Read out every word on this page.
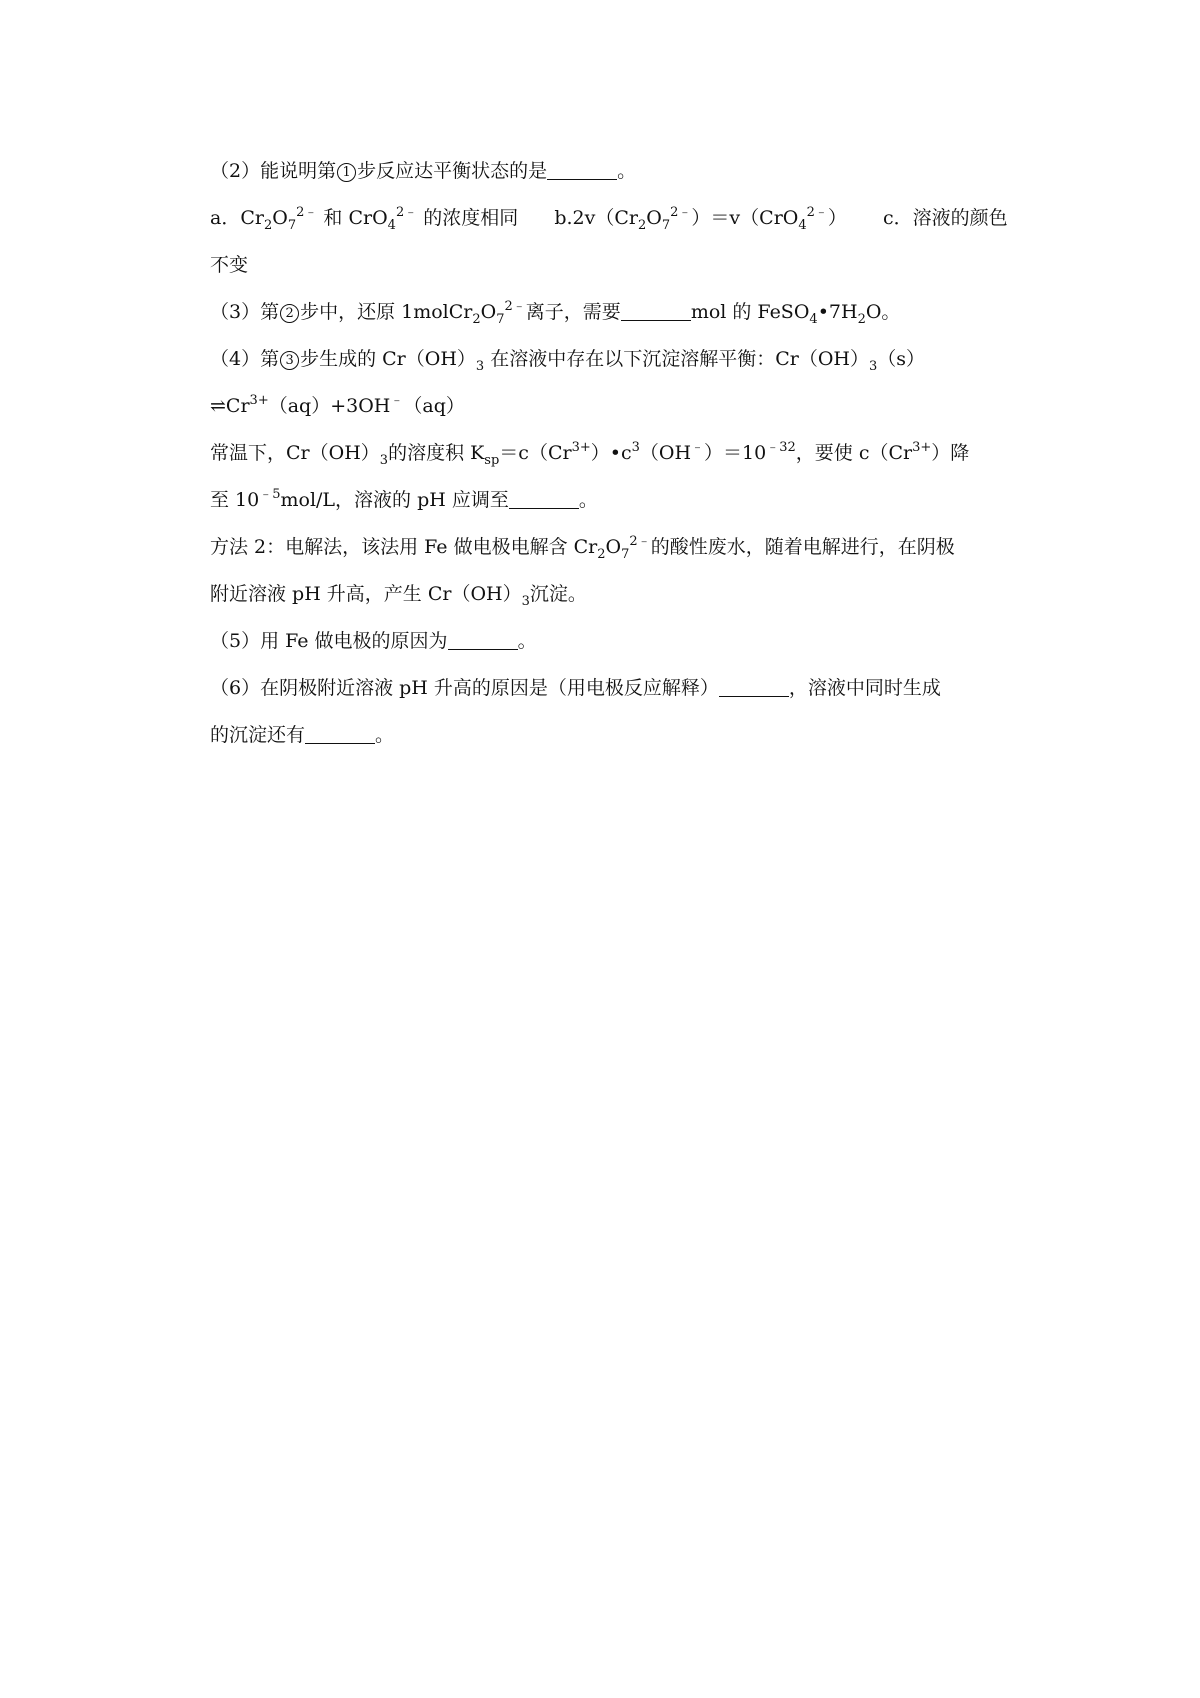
（2）能说明第 1 步反应达平衡状态的是	。
a．$Cr_2O_7^{2﹣}$ 和 CrO$_4^{2﹣}$ 的浓度相同 $b.2v(Cr_2O_7^{2﹣})=v(CrO_4^{2﹣})$ c．溶液的颜色
不变
（3）第 2 步中，还原 $1molCr_2O_7^{2﹣}$离子，需要	mol 的 $FeSO_4•7H_2O$。
（4）第 3 步生成的 $Cr(OH)_3$ 在溶液中存在以下沉淀溶解平衡：$Cr(OH)_3(s)$
$\rightleftharpoons Cr^{3+}(aq)+3OH^﹣(aq)$
常温下，$Cr(OH)_3$的溶度积 $K_{sp}=c(Cr^{3+})•c^3(OH^﹣)=10^{﹣32}$，要使 $c(Cr^{3+})$降
至 $10^{﹣5}mol/L$，溶液的 pH 应调至	。
方法 2：电解法，该法用 Fe 做电极电解含 $Cr_2O_7^{2﹣}$的酸性废水，随着电解进行，在阴极
附近溶液 pH 升高，产生 $Cr(OH)_3$沉淀。
（5）用 Fe 做电极的原因为	。
（6）在阴极附近溶液 pH 升高的原因是（用电极反应解释）	，溶液中同时生成
的沉淀还有	。
